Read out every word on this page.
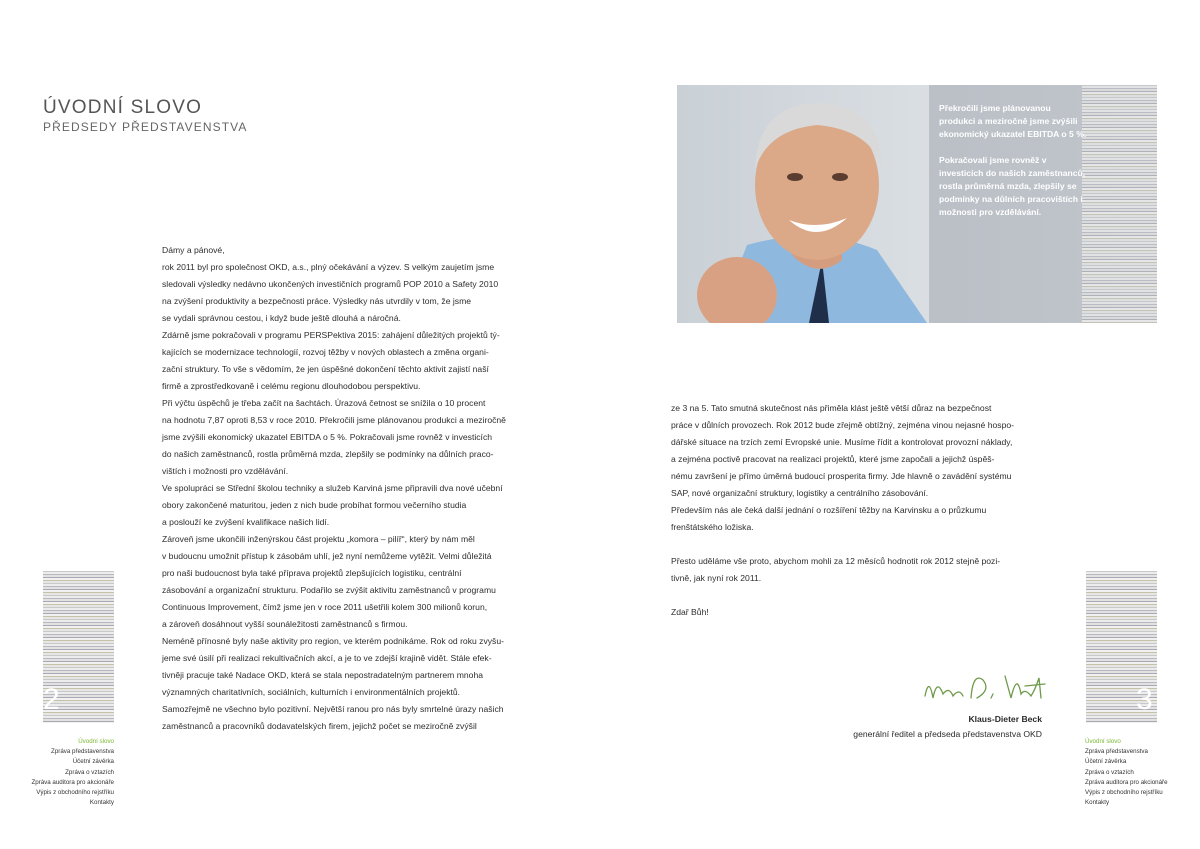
ÚVODNÍ SLOVO
PŘEDSEDY PŘEDSTAVENSTVA

Dámy a pánové,

rok 2011 byl pro společnost OKD, a.s., plný očekávání a výzev. S velkým zaujetím jsme

sledovali výsledky nedávno ukončených investičních programů POP 2010 a Safety 2010

na zvýšení produktivity a bezpečnosti práce. Výsledky nás utvrdily v tom, že jsme

se vydali správnou cestou, i když bude ještě dlouhá a náročná.

Zdárně jsme pokračovali v programu PERSPektiva 2015: zahájení důležitých projektů tý-

kajících se modernizace technologií, rozvoj těžby v nových oblastech a změna organi-

zační struktury. To vše s vědomím, že jen úspěšné dokončení těchto aktivit zajistí naší

firmě a zprostředkovaně i celému regionu dlouhodobou perspektivu.

Při výčtu úspěchů je třeba začít na šachtách. Úrazová četnost se snížila o 10 procent

na hodnotu 7,87 oproti 8,53 v roce 2010. Překročili jsme plánovanou produkci a meziročně

jsme zvýšili ekonomický ukazatel EBITDA o 5 %. Pokračovali jsme rovněž v investicích

do našich zaměstnanců, rostla průměrná mzda, zlepšily se podmínky na důlních praco-

vištích i možnosti pro vzdělávání.

Ve spolupráci se Střední školou techniky a služeb Karviná jsme připravili dva nové učební

obory zakončené maturitou, jeden z nich bude probíhat formou večerního studia

a poslouží ke zvýšení kvalifikace našich lidí.

Zároveň jsme ukončili inženýrskou část projektu „komora – pilíř“, který by nám měl

v budoucnu umožnit přístup k zásobám uhlí, jež nyní nemůžeme vytěžit. Velmi důležitá

pro naši budoucnost byla také příprava projektů zlepšujících logistiku, centrální

zásobování a organizační strukturu. Podařilo se zvýšit aktivitu zaměstnanců v programu

Continuous Improvement, čímž jsme jen v roce 2011 ušetřili kolem 300 milionů korun,

a zároveň dosáhnout vyšší sounáležitosti zaměstnanců s firmou.

Neméně přínosné byly naše aktivity pro region, ve kterém podnikáme. Rok od roku zvyšu-

jeme své úsilí při realizaci rekultivačních akcí, a je to ve zdejší krajině vidět. Stále efek-

tivněji pracuje také Nadace OKD, která se stala nepostradatelným partnerem mnoha

významných charitativních, sociálních, kulturních i environmentálních projektů.

Samozřejmě ne všechno bylo pozitivní. Největší ranou pro nás byly smrtelné úrazy našich

zaměstnanců a pracovníků dodavatelských firem, jejichž počet se meziročně zvýšil

2
Úvodní slovo
Zpráva představenstva
Účetní závěrka
Zpráva o vztazích
Zpráva auditora pro akcionáře
Výpis z obchodního rejstříku
Kontakty

Překročili jsme plánovanou produkci a meziročně jsme zvýšili ekonomický ukazatel EBITDA o 5 %.

Pokračovali jsme rovněž v investicích do našich zaměstnanců, rostla průměrná mzda, zlepšily se podmínky na důlních pracovištích i možnosti pro vzdělávání.

ze 3 na 5. Tato smutná skutečnost nás přiměla klást ještě větší důraz na bezpečnost

práce v důlních provozech. Rok 2012 bude zřejmě obtížný, zejména vinou nejasné hospo-

dářské situace na trzích zemí Evropské unie. Musíme řídit a kontrolovat provozní náklady,

a zejména poctivě pracovat na realizaci projektů, které jsme započali a jejichž úspěš-

nému završení je přímo úměrná budoucí prosperita firmy. Jde hlavně o zavádění systému

SAP, nové organizační struktury, logistiky a centrálního zásobování.

Především nás ale čeká další jednání o rozšíření těžby na Karvinsku a o průzkumu

frenštátského ložiska.

Přesto uděláme vše proto, abychom mohli za 12 měsíců hodnotit rok 2012 stejně pozi-

tivně, jak nyní rok 2011.

Zdař Bůh!

Klaus-Dieter Beck
generální ředitel a předseda představenstva OKD
3
Úvodní slovo
Zpráva představenstva
Účetní závěrka
Zpráva o vztazích
Zpráva auditora pro akcionáře
Výpis z obchodního rejstříku
Kontakty
